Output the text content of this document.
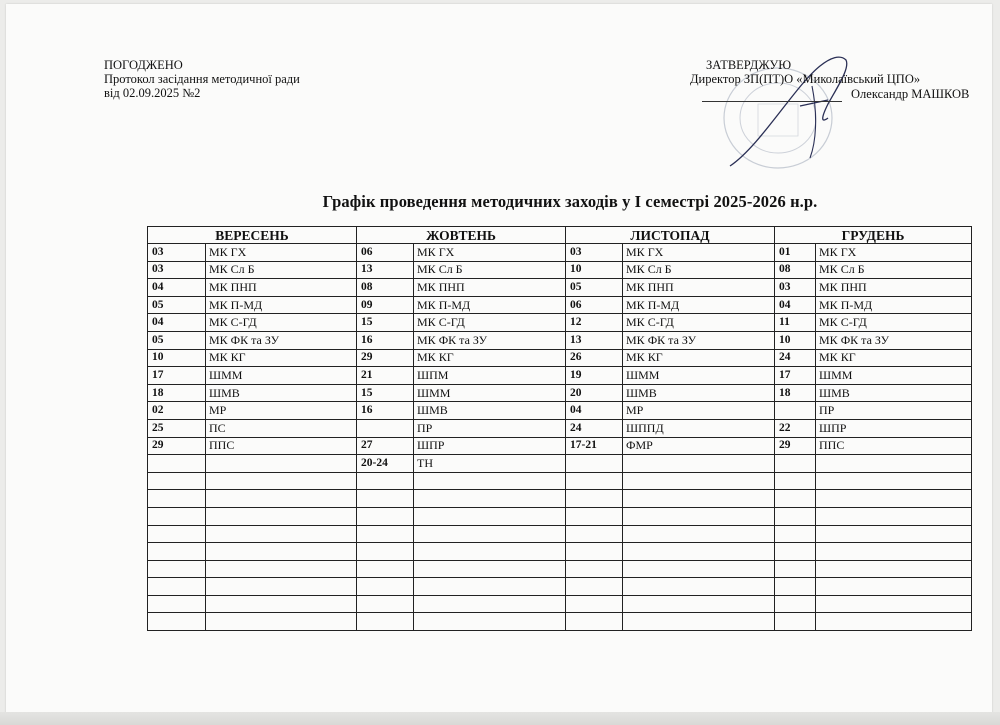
ПОГОДЖЕНО
Протокол засідання методичної ради
від 02.09.2025 №2
ЗАТВЕРДЖУЮ
Директор ЗП(ПТ)О «Миколаївський ЦПО»
Олександр МАШКОВ
Графік проведення методичних заходів у І семестрі 2025-2026 н.р.
ВЕРЕСЕНЬ		ЖОВТЕНЬ		ЛИСТОПАД		ГРУДЕНЬ	
03	МК ГХ	06	МК ГХ	03	МК ГХ	01	МК ГХ
03	МК Сл Б	13	МК Сл Б	10	МК Сл Б	08	МК Сл Б
04	МК ПНП	08	МК ПНП	05	МК ПНП	03	МК ПНП
05	МК П-МД	09	МК П-МД	06	МК П-МД	04	МК П-МД
04	МК С-ГД	15	МК С-ГД	12	МК С-ГД	11	МК С-ГД
05	МК ФК та ЗУ	16	МК ФК та ЗУ	13	МК ФК та ЗУ	10	МК ФК та ЗУ
10	МК КГ	29	МК КГ	26	МК КГ	24	МК КГ
17	ШММ	21	ШПМ	19	ШММ	17	ШММ
18	ШМВ	15	ШММ	20	ШМВ	18	ШМВ
02	МР	16	ШМВ	04	МР		ПР
25	ПС		ПР	24	ШППД	22	ШПР
29	ППС	27	ШПР	17-21	ФМР	29	ППС
		20-24	ТН				
